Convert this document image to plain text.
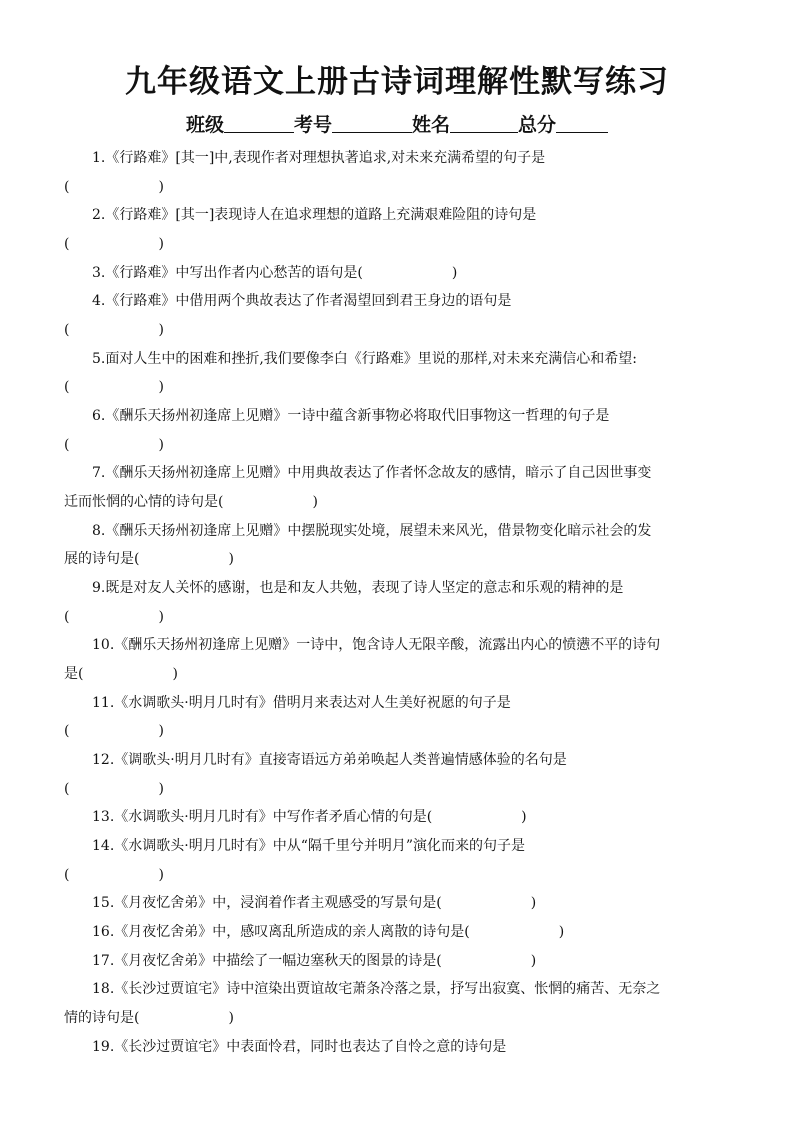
九年级语文上册古诗词理解性默写练习
班级	考号	姓名	总分
1.《行路难》[其一]中,表现作者对理想执著追求,对未来充满希望的句子是
(                    )
2.《行路难》[其一]表现诗人在追求理想的道路上充满艰难险阻的诗句是
(                    )
3.《行路难》中写出作者内心愁苦的语句是(                    )
4.《行路难》中借用两个典故表达了作者渴望回到君王身边的语句是
(                    )
5.面对人生中的困难和挫折,我们要像李白《行路难》里说的那样,对未来充满信心和希望:
(                    )
6.《酬乐天扬州初逢席上见赠》一诗中蕴含新事物必将取代旧事物这一哲理的句子是
(                    )
7.《酬乐天扬州初逢席上见赠》中用典故表达了作者怀念故友的感情，暗示了自己因世事变
迁而怅惘的心情的诗句是(                    )
8.《酬乐天扬州初逢席上见赠》中摆脱现实处境，展望未来风光，借景物变化暗示社会的发
展的诗句是(                    )
9.既是对友人关怀的感谢，也是和友人共勉，表现了诗人坚定的意志和乐观的精神的是
(                    )
10.《酬乐天扬州初逢席上见赠》一诗中，饱含诗人无限辛酸，流露出内心的愤懑不平的诗句
是(                    )
11.《水调歌头·明月几时有》借明月来表达对人生美好祝愿的句子是
(                    )
12.《调歌头·明月几时有》直接寄语远方弟弟唤起人类普遍情感体验的名句是
(                    )
13.《水调歌头·明月几时有》中写作者矛盾心情的句是(                    )
14.《水调歌头·明月几时有》中从“隔千里兮并明月”演化而来的句子是
(                    )
15.《月夜忆舍弟》中，浸润着作者主观感受的写景句是(                    )
16.《月夜忆舍弟》中，感叹离乱所造成的亲人离散的诗句是(                    )
17.《月夜忆舍弟》中描绘了一幅边塞秋天的图景的诗是(                    )
18.《长沙过贾谊宅》诗中渲染出贾谊故宅萧条冷落之景，抒写出寂寞、怅惘的痛苦、无奈之
情的诗句是(                    )
19.《长沙过贾谊宅》中表面怜君，同时也表达了自怜之意的诗句是
